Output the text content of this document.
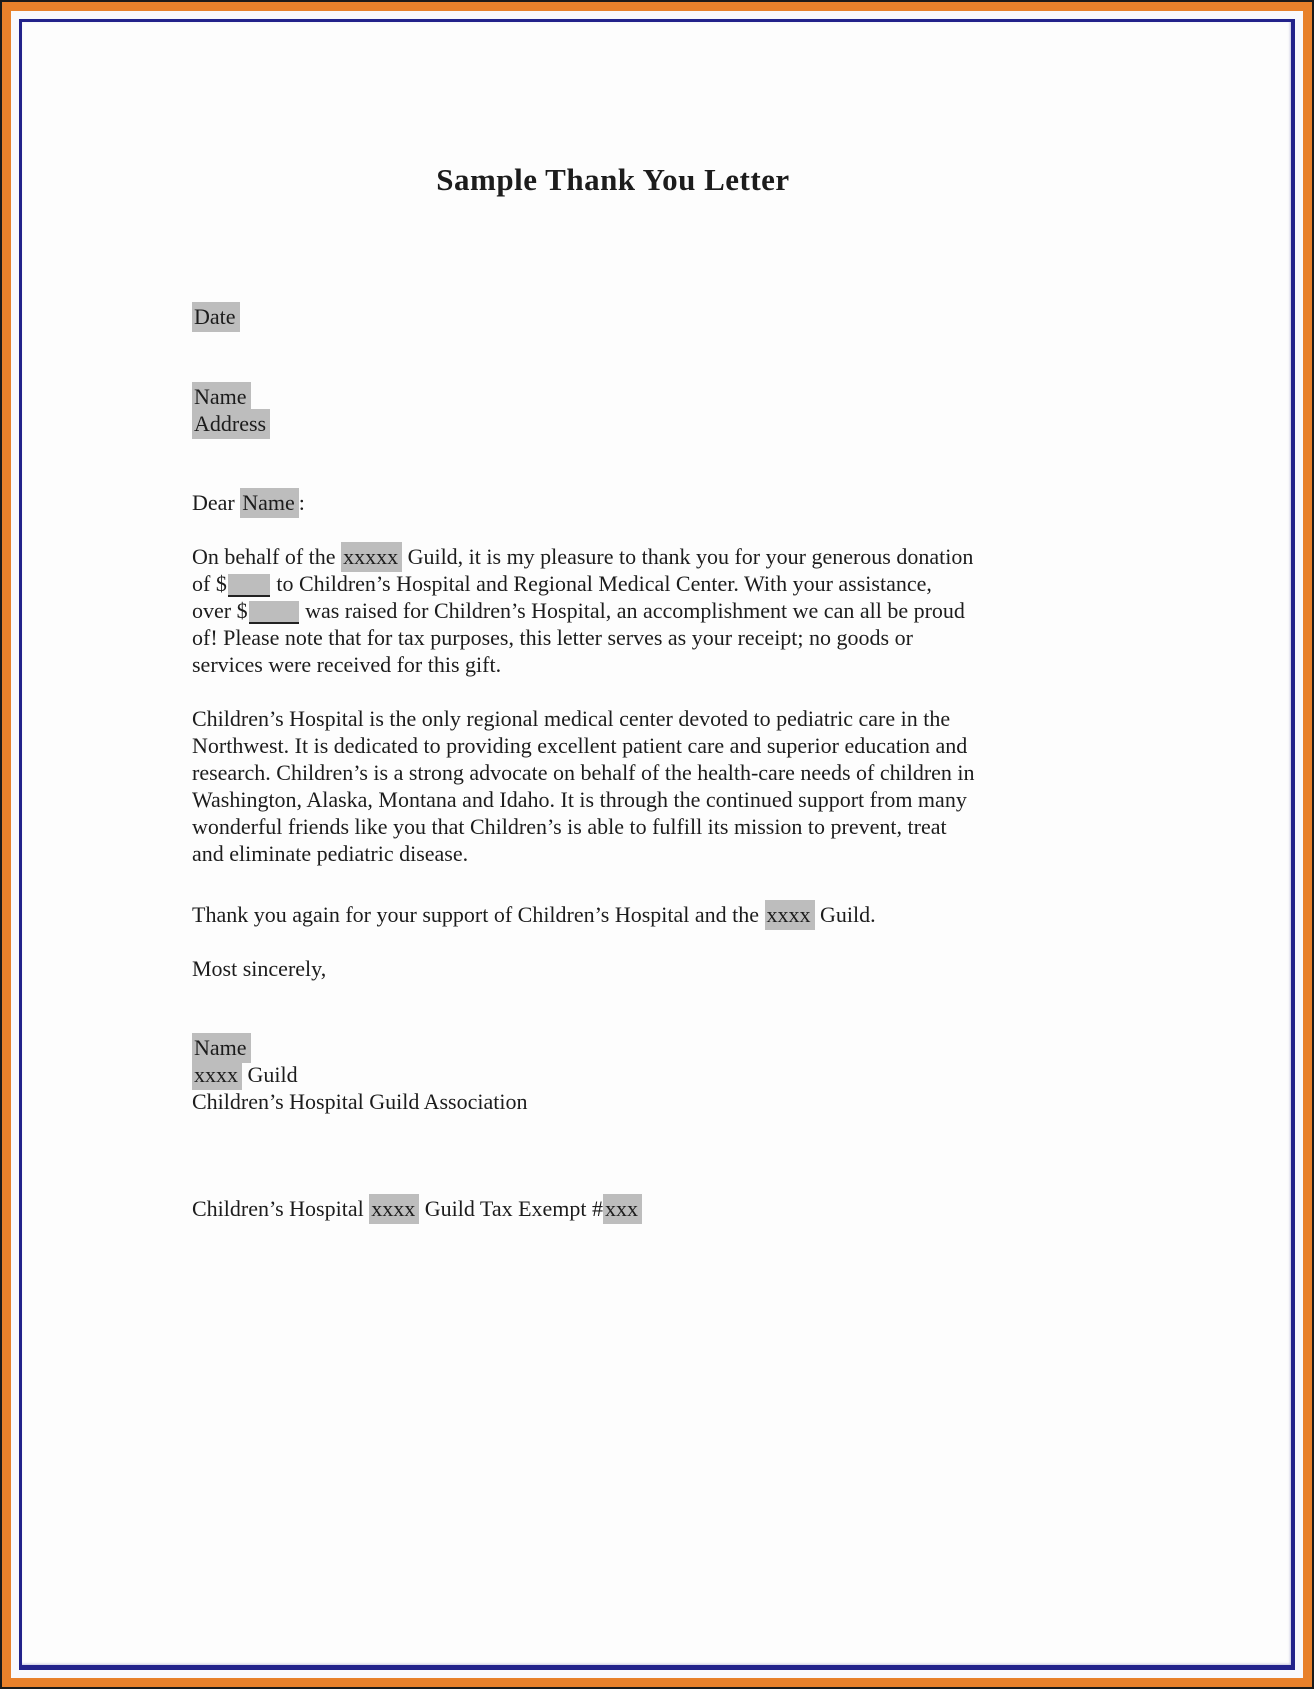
Sample Thank You Letter
Date
Name
Address
Dear Name :
On behalf of the xxxxx Guild, it is my pleasure to thank you for your generous donation
of $ to Children’s Hospital and Regional Medical Center. With your assistance,
over $ was raised for Children’s Hospital, an accomplishment we can all be proud
of! Please note that for tax purposes, this letter serves as your receipt; no goods or
services were received for this gift.
Children’s Hospital is the only regional medical center devoted to pediatric care in the
Northwest. It is dedicated to providing excellent patient care and superior education and
research. Children’s is a strong advocate on behalf of the health-care needs of children in
Washington, Alaska, Montana and Idaho. It is through the continued support from many
wonderful friends like you that Children’s is able to fulfill its mission to prevent, treat
and eliminate pediatric disease.
Thank you again for your support of Children’s Hospital and the xxxx Guild.
Most sincerely,
Name
xxxx Guild
Children’s Hospital Guild Association
Children’s Hospital xxxx Guild Tax Exempt #xxx
